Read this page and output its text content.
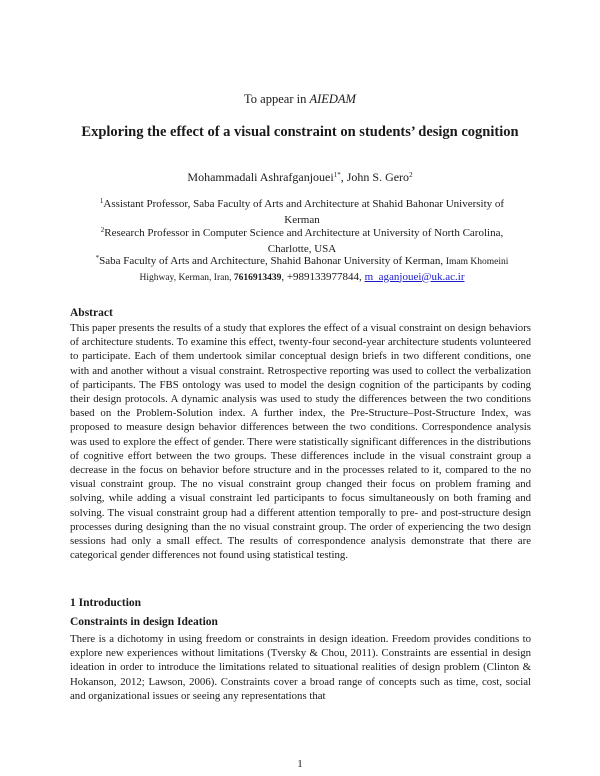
To appear in AIEDAM
Exploring the effect of a visual constraint on students’ design cognition
Mohammadali Ashrafganjouei$^{1*}$, John S. Gero$^2$
$^1$Assistant Professor, Saba Faculty of Arts and Architecture at Shahid Bahonar University of Kerman
$^2$Research Professor in Computer Science and Architecture at University of North Carolina, Charlotte, USA
*Saba Faculty of Arts and Architecture, Shahid Bahonar University of Kerman, Imam Khomeini Highway, Kerman, Iran, 7616913439, +989133977844, m_aganjouei@uk.ac.ir
Abstract
This paper presents the results of a study that explores the effect of a visual constraint on design behaviors of architecture students. To examine this effect, twenty-four second-year architecture students volunteered to participate. Each of them undertook similar conceptual design briefs in two different conditions, one with and another without a visual constraint. Retrospective reporting was used to collect the verbalization of participants. The FBS ontology was used to model the design cognition of the participants by coding their design protocols. A dynamic analysis was used to study the differences between the two conditions based on the Problem-Solution index. A further index, the Pre-Structure–Post-Structure Index, was proposed to measure design behavior differences between the two conditions. Correspondence analysis was used to explore the effect of gender. There were statistically significant differences in the distributions of cognitive effort between the two groups. These differences include in the visual constraint group a decrease in the focus on behavior before structure and in the processes related to it, compared to the no visual constraint group. The no visual constraint group changed their focus on problem framing and solving, while adding a visual constraint led participants to focus simultaneously on both framing and solving. The visual constraint group had a different attention temporally to pre- and post-structure design processes during designing than the no visual constraint group. The order of experiencing the two design sessions had only a small effect. The results of correspondence analysis demonstrate that there are categorical gender differences not found using statistical testing.
1 Introduction
Constraints in design Ideation
There is a dichotomy in using freedom or constraints in design ideation. Freedom provides conditions to explore new experiences without limitations (Tversky & Chou, 2011). Constraints are essential in design ideation in order to introduce the limitations related to situational realities of design problem (Clinton & Hokanson, 2012; Lawson, 2006). Constraints cover a broad range of concepts such as time, cost, social and organizational issues or seeing any representations that
1
